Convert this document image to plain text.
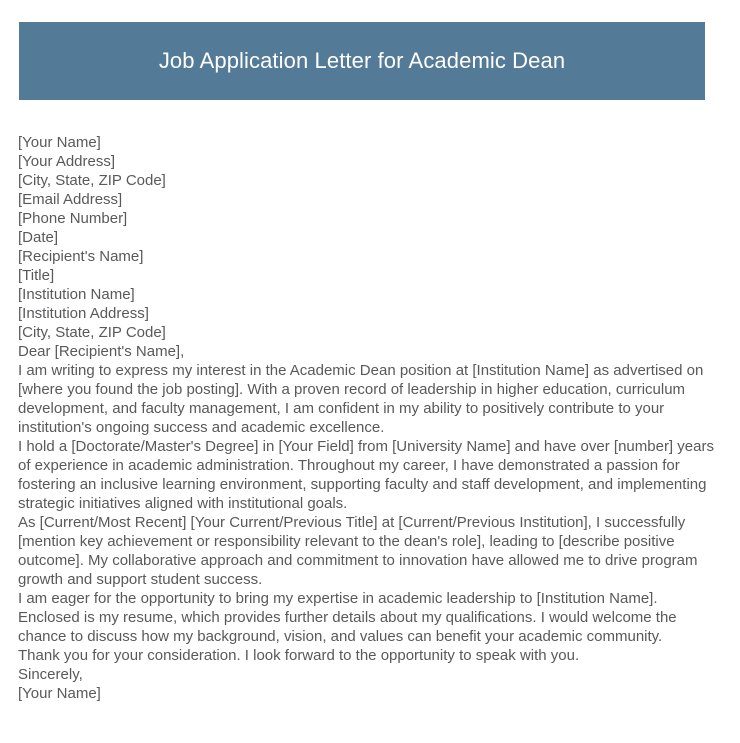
Job Application Letter for Academic Dean
[Your Name]
[Your Address]
[City, State, ZIP Code]
[Email Address]
[Phone Number]
[Date]
[Recipient's Name]
[Title]
[Institution Name]
[Institution Address]
[City, State, ZIP Code]
Dear [Recipient's Name],

I am writing to express my interest in the Academic Dean position at [Institution Name] as advertised on [where you found the job posting]. With a proven record of leadership in higher education, curriculum development, and faculty management, I am confident in my ability to positively contribute to your institution's ongoing success and academic excellence.

I hold a [Doctorate/Master's Degree] in [Your Field] from [University Name] and have over [number] years of experience in academic administration. Throughout my career, I have demonstrated a passion for fostering an inclusive learning environment, supporting faculty and staff development, and implementing strategic initiatives aligned with institutional goals.

As [Current/Most Recent] [Your Current/Previous Title] at [Current/Previous Institution], I successfully [mention key achievement or responsibility relevant to the dean's role], leading to [describe positive outcome]. My collaborative approach and commitment to innovation have allowed me to drive program growth and support student success.

I am eager for the opportunity to bring my expertise in academic leadership to [Institution Name]. Enclosed is my resume, which provides further details about my qualifications. I would welcome the chance to discuss how my background, vision, and values can benefit your academic community.

Thank you for your consideration. I look forward to the opportunity to speak with you.

Sincerely,
[Your Name]
